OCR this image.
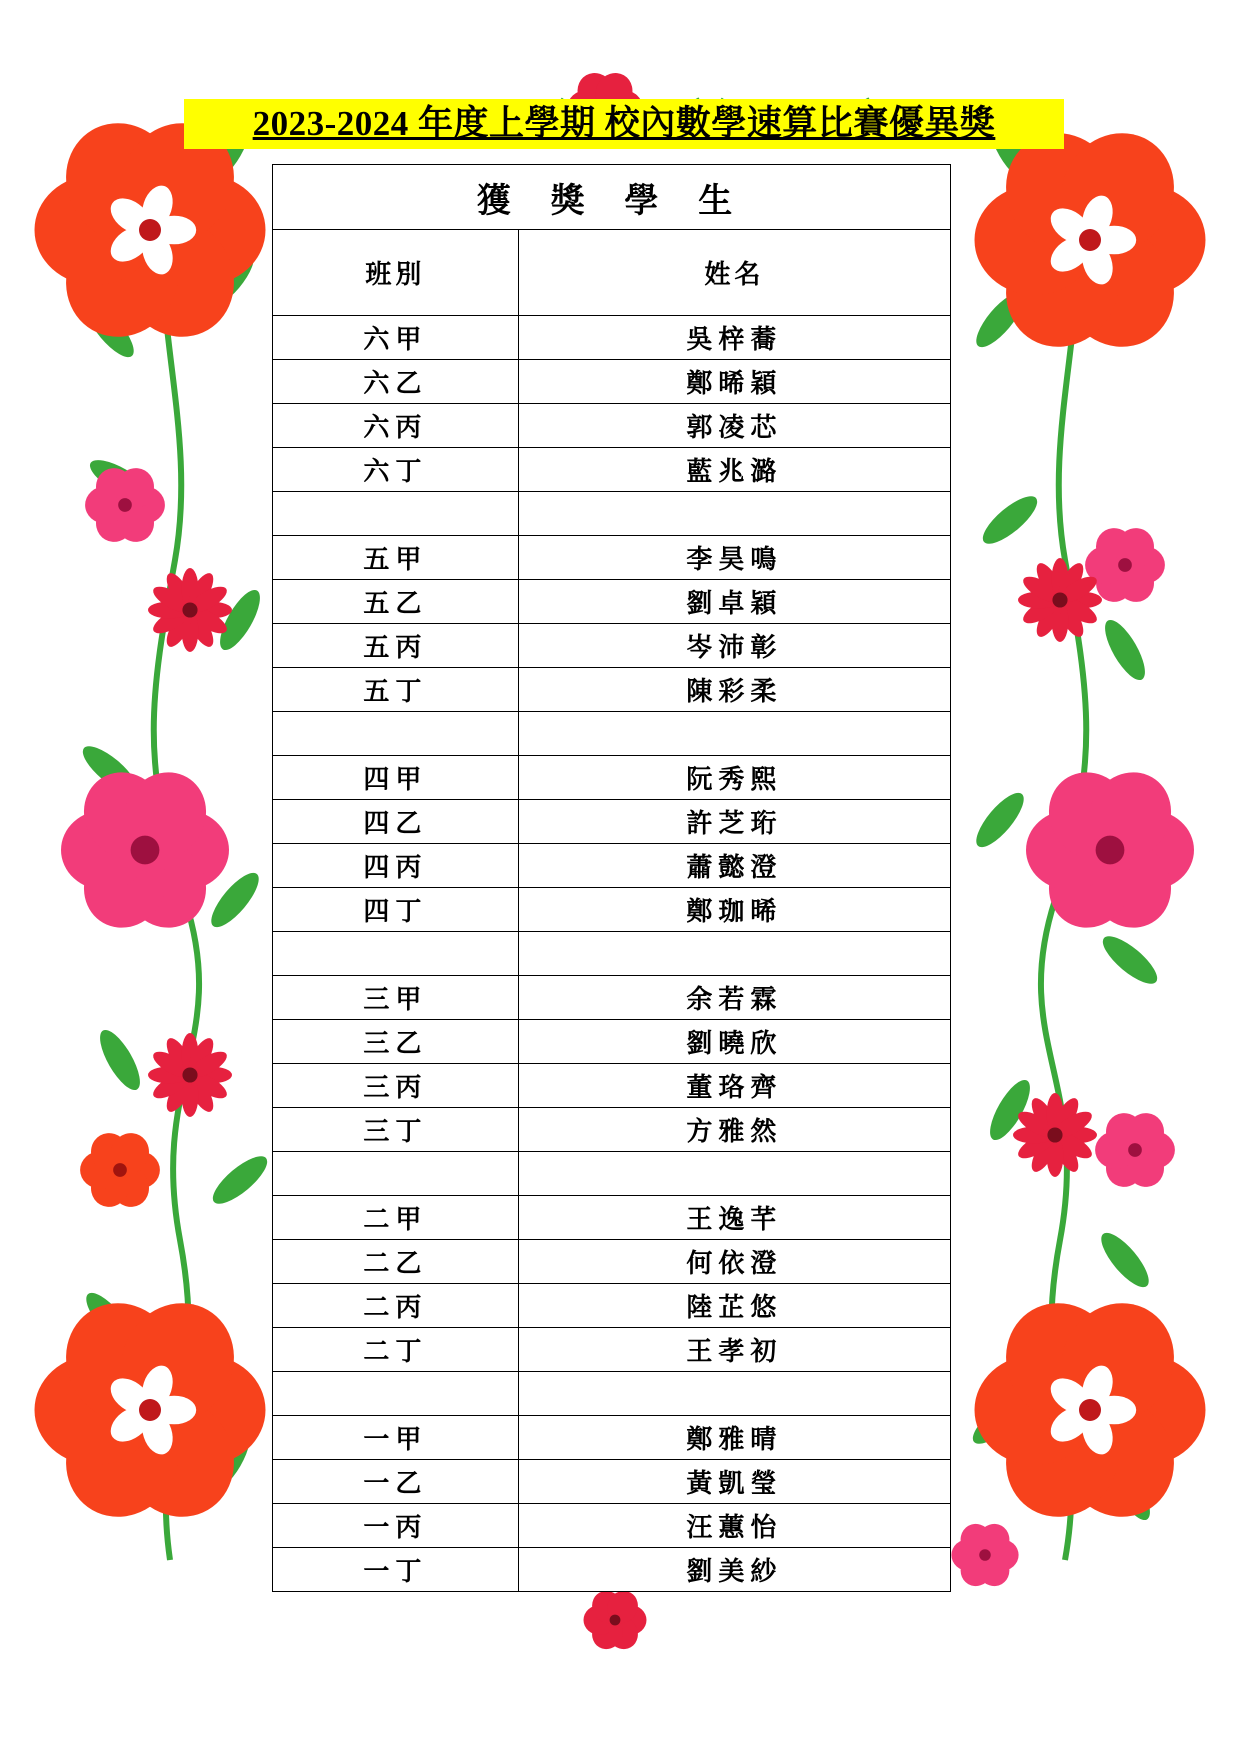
2023-2024 年度上學期 校內數學速算比賽優異獎
獲 獎 學 生	
班別	姓名
六甲	吳梓蕎
六乙	鄭晞穎
六丙	郭凌芯
六丁	藍兆潞

五甲	李昊鳴
五乙	劉卓穎
五丙	岑沛彰
五丁	陳彩柔

四甲	阮秀熙
四乙	許芝珩
四丙	蕭懿澄
四丁	鄭珈晞

三甲	余若霖
三乙	劉曉欣
三丙	董珞齊
三丁	方雅然

二甲	王逸芊
二乙	何依澄
二丙	陸芷悠
二丁	王孝初

一甲	鄭雅晴
一乙	黃凱瑩
一丙	汪蕙怡
一丁	劉美紗
